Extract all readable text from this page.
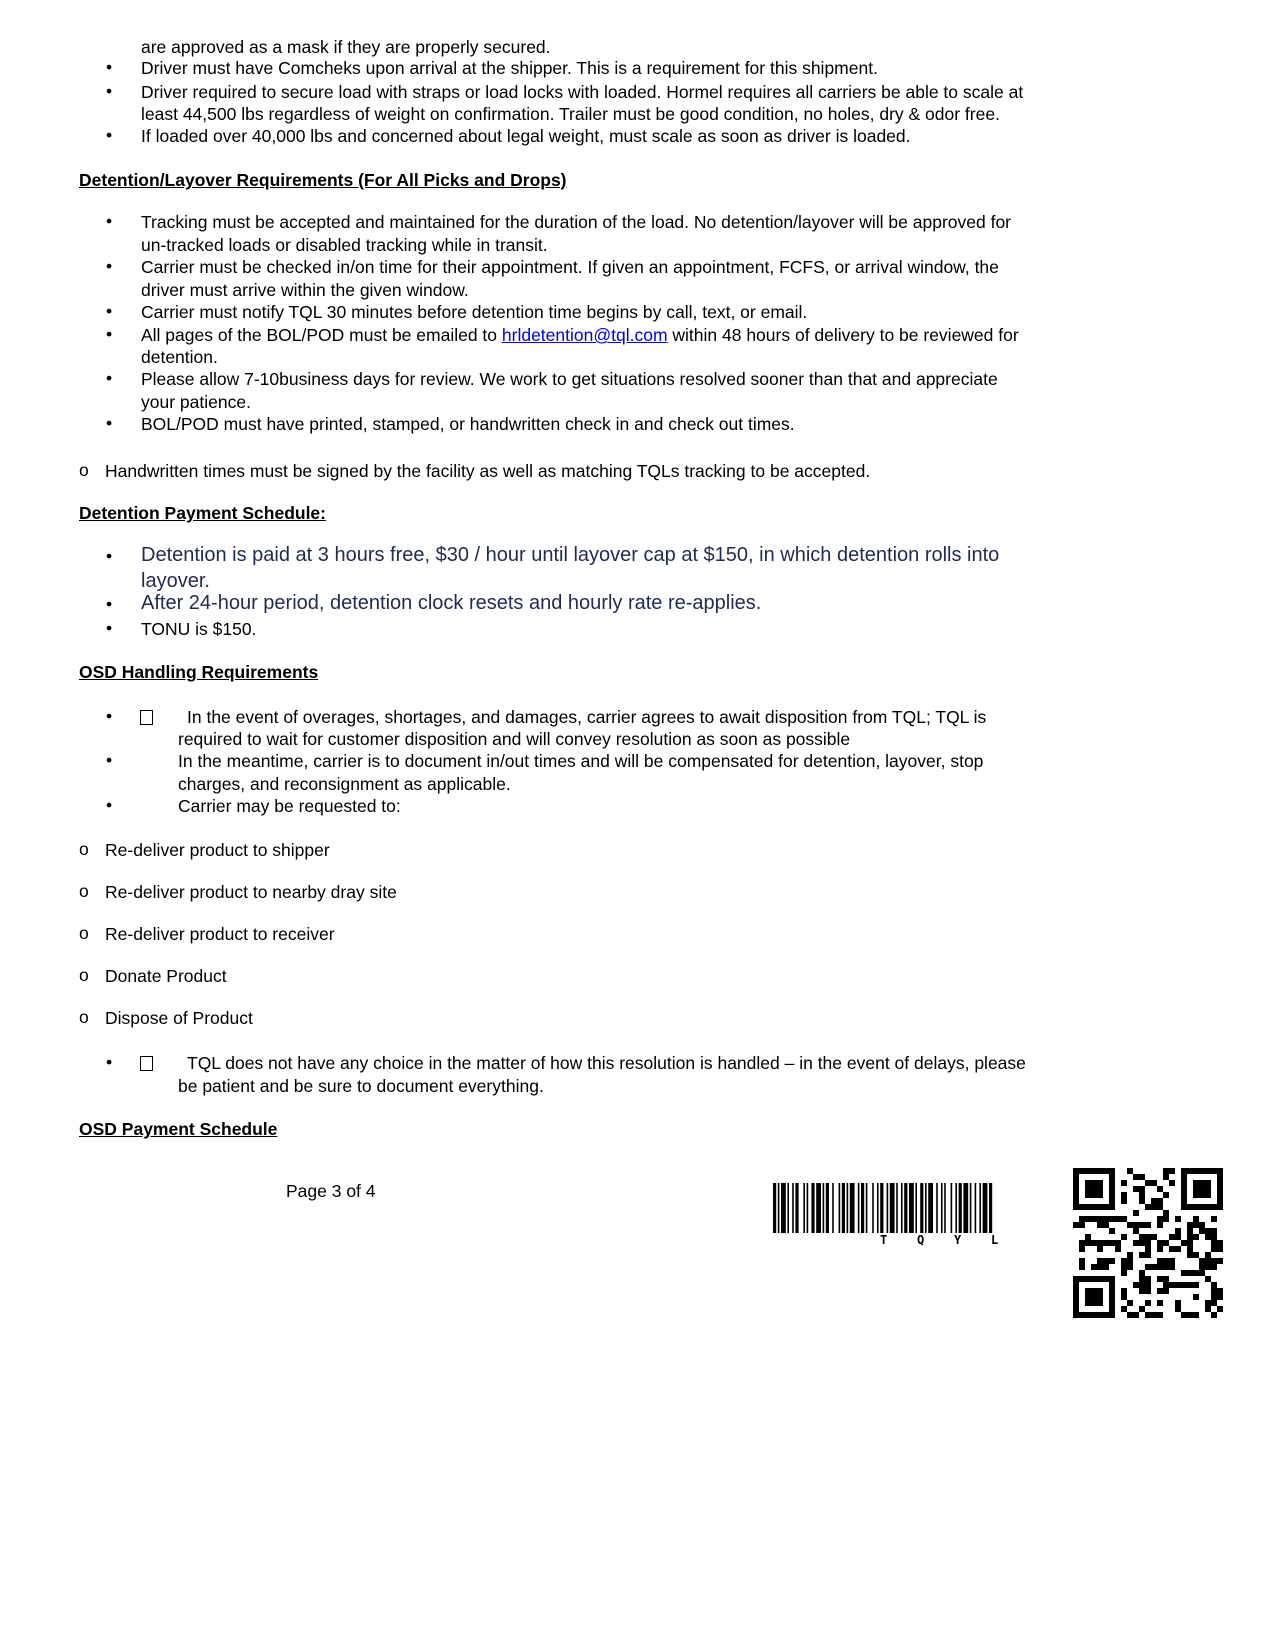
are approved as a mask if they are properly secured.
• Driver must have Comcheks upon arrival at the shipper. This is a requirement for this shipment.
• Driver required to secure load with straps or load locks with loaded. Hormel requires all carriers be able to scale at
least 44,500 lbs regardless of weight on confirmation. Trailer must be good condition, no holes, dry & odor free.
• If loaded over 40,000 lbs and concerned about legal weight, must scale as soon as driver is loaded.
Detention/Layover Requirements (For All Picks and Drops)
• Tracking must be accepted and maintained for the duration of the load. No detention/layover will be approved for
un-tracked loads or disabled tracking while in transit.
• Carrier must be checked in/on time for their appointment. If given an appointment, FCFS, or arrival window, the
driver must arrive within the given window.
• Carrier must notify TQL 30 minutes before detention time begins by call, text, or email.
• All pages of the BOL/POD must be emailed to hrldetention@tql.com within 48 hours of delivery to be reviewed for
detention.
• Please allow 7-10business days for review. We work to get situations resolved sooner than that and appreciate
your patience.
• BOL/POD must have printed, stamped, or handwritten check in and check out times.
o Handwritten times must be signed by the facility as well as matching TQLs tracking to be accepted.
Detention Payment Schedule:
• Detention is paid at 3 hours free, $30 / hour until layover cap at $150, in which detention rolls into
layover.
• After 24-hour period, detention clock resets and hourly rate re-applies.
• TONU is $150.
OSD Handling Requirements
•	In the event of overages, shortages, and damages, carrier agrees to await disposition from TQL; TQL is
required to wait for customer disposition and will convey resolution as soon as possible
•	In the meantime, carrier is to document in/out times and will be compensated for detention, layover, stop
charges, and reconsignment as applicable.
•	Carrier may be requested to:
o Re-deliver product to shipper
o Re-deliver product to nearby dray site
o Re-deliver product to receiver
o Donate Product
o Dispose of Product
•	TQL does not have any choice in the matter of how this resolution is handled – in the event of delays, please
be patient and be sure to document everything.
OSD Payment Schedule
Page 3 of 4
T Q Y L
